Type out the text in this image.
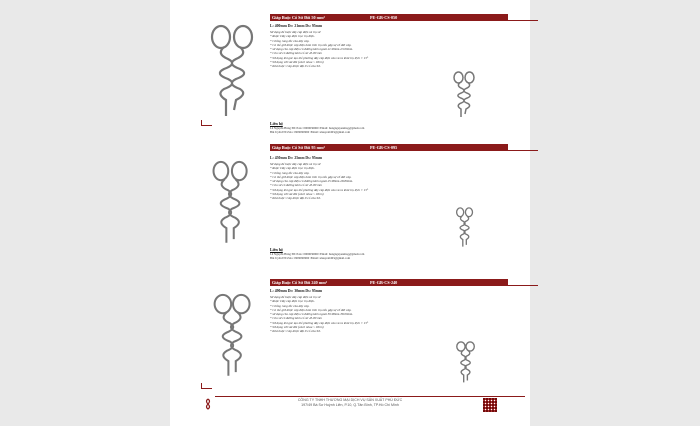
Giáp Buộc Cổ Sứ Đôi 50 mm²	PE-GB-CS-050
L: 400mm Dc: 21mm Ds: 95mm
Sử dụng để buộc dây cáp điện và trụ sứ
* Ruột: Dây cáp điện trục trụ điện.
* Chống rung lắc của dây cáp.
* Có thể giữ được cáp điện luôn trên trụ nếu gặp sự cố đứt cáp.
* sử dụng cho cáp điện có đường kính ngoài 21.99mm-23.09mm.
* Cho sứ có đường kính cổ sứ 43-80 mm
* Sử dụng khi góc tạo thể phương dây cáp điện vào và ra khỏi trụ lệch > 15°
* Sử dụng với vải đôi (cách nhau ~ 18cm)
* Khả buộc: Cáp được đặt ở cổ của Sứ.
Liên hệ
Lê Nguyễn Hùng ĐT/Zalo: 0909636960 /Email: hungnguyenmag@gmail.com
Bùi Uyên ĐT/Zalo: 0909090960 /Email: uluuyenbl63@gmail.com
Giáp Buộc Cổ Sứ Đôi 95 mm²	PE-GB-CS-095
L: 450mm Dc: 25mm Ds: 95mm
Sử dụng để buộc dây cáp điện và trụ sứ
* Ruột: Dây cáp điện trục trụ điện.
* Chống rung lắc của dây cáp.
* Có thể giữ được cáp điện luôn trên trụ nếu gặp sự cố đứt cáp.
* sử dụng cho cáp điện có đường kính ngoài 25.98mm-28.89mm.
* Cho sứ có đường kính cổ sứ 43-80 mm
* Sử dụng khi góc tạo thể phương dây cáp điện vào và ra khỏi trụ lệch > 15°
* Sử dụng với vải đôi (cách nhau ~ 18cm)
* Khả buộc: Cáp được đặt ở cổ của Sứ.
Liên hệ
Lê Nguyễn Hùng ĐT/Zalo: 0909636960 /Email: hungnguyenmag@gmail.com
Bùi Uyên ĐT/Zalo: 0909090960 /Email: uluuyenbl63@gmail.com
Giáp Buộc Cổ Sứ Đôi 240 mm²	PE-GB-CS-240
L: 490mm Dc: 30mm Ds: 95mm
Sử dụng để buộc dây cáp điện và trụ sứ
* Ruột: Dây cáp điện trục trụ điện.
* Chống rung lắc của dây cáp.
* Có thể giữ được cáp điện luôn trên trụ nếu gặp sự cố đứt cáp.
* sử dụng cho cáp điện có đường kính ngoài 30.98mm-38.09mm.
* Cho sứ có đường kính cổ sứ 43-80 mm
* Sử dụng khi góc tạo thể phương dây cáp điện vào và ra khỏi trụ lệch > 15°
* Sử dụng với vải đôi (cách nhau ~ 18cm)
* Khả buộc: Cáp được đặt ở cổ của Sứ.
CÔNG TY TNHH THƯƠNG MẠI DỊCH VỤ SẢN XUẤT PHÚ ĐỨC
197/49 Bà Sư Huỳnh Liên, P.10, Q.Tân Bình, TP.Hồ Chí Minh
